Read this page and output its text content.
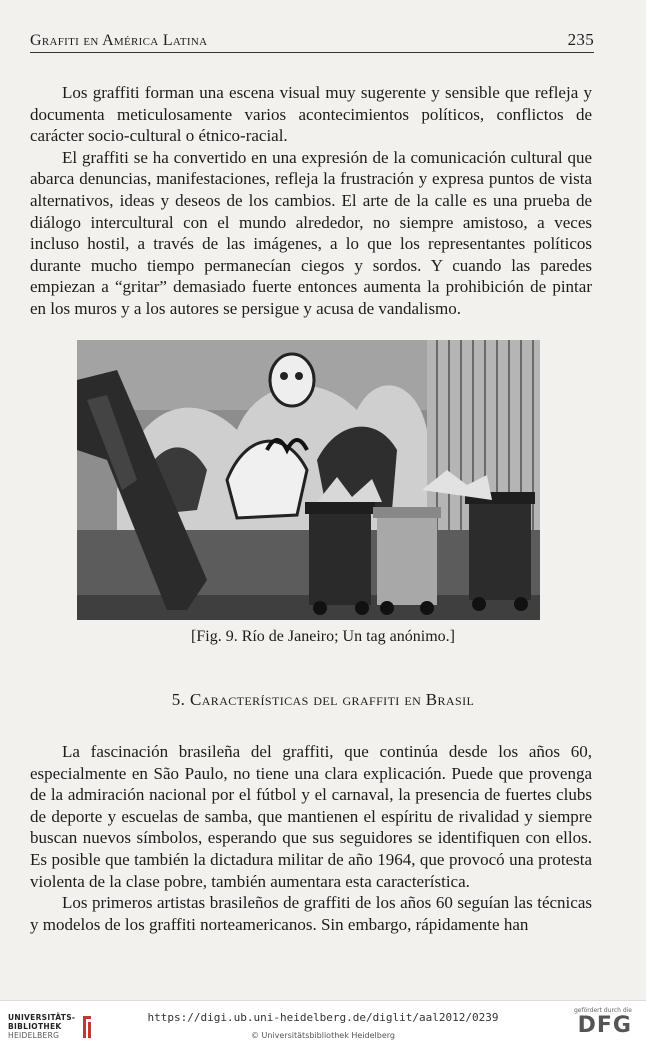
Grafiti en América Latina	235

Los graffiti forman una escena visual muy sugerente y sensible que refleja y documenta meticulosamente varios acontecimientos políticos, conflictos de carácter socio-cultural o étnico-racial.

El graffiti se ha convertido en una expresión de la comunicación cultural que abarca denuncias, manifestaciones, refleja la frustración y expresa puntos de vista alternativos, ideas y deseos de los cambios. El arte de la calle es una prueba de diálogo intercultural con el mundo alrededor, no siempre amistoso, a veces incluso hostil, a través de las imágenes, a lo que los representantes políticos durante mucho tiempo permanecían ciegos y sordos. Y cuando las paredes empiezan a “gritar” demasiado fuerte entonces aumenta la prohibición de pintar en los muros y a los autores se persigue y acusa de vandalismo.

[Fig. 9. Río de Janeiro; Un tag anónimo.]
5. Características del graffiti en Brasil

La fascinación brasileña del graffiti, que continúa desde los años 60, especialmente en São Paulo, no tiene una clara explicación. Puede que provenga de la admiración nacional por el fútbol y el carnaval, la presencia de fuertes clubs de deporte y escuelas de samba, que mantienen el espíritu de rivalidad y siempre buscan nuevos símbolos, esperando que sus seguidores se identifiquen con ellos. Es posible que también la dictadura militar de año 1964, que provocó una protesta violenta de la clase pobre, también aumentara esta característica.

Los primeros artistas brasileños de graffiti de los años 60 seguían las técnicas y modelos de los graffiti norteamericanos. Sin embargo, rápidamente han

UNIVERSITÄTS-
BIBLIOTHEK
HEIDELBERG
https://digi.ub.uni-heidelberg.de/diglit/aal2012/0239
© Universitätsbibliothek Heidelberg
gefördert durch die
DFG
